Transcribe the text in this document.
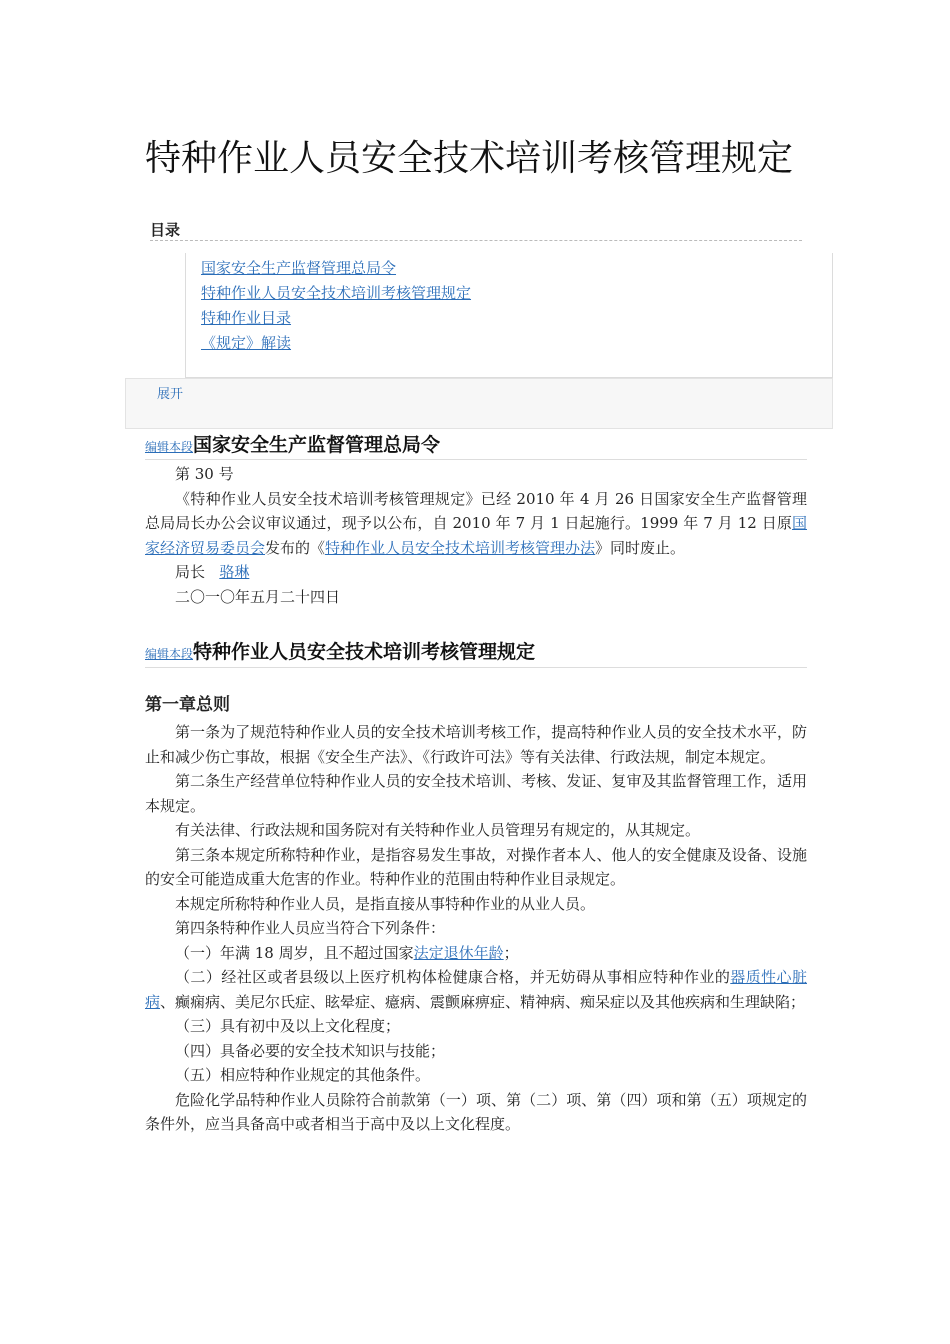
特种作业人员安全技术培训考核管理规定
目录
国家安全生产监督管理总局令
特种作业人员安全技术培训考核管理规定
特种作业目录
《规定》解读
展开
编辑本段国家安全生产监督管理总局令

第 30 号

《特种作业人员安全技术培训考核管理规定》已经 2010 年 4 月 26 日国家安全生产监督管理总局局长办公会议审议通过，现予以公布，自 2010 年 7 月 1 日起施行。1999 年 7 月 12 日原国家经济贸易委员会发布的《特种作业人员安全技术培训考核管理办法》同时废止。

局长 骆琳

二〇一〇年五月二十四日

编辑本段特种作业人员安全技术培训考核管理规定
第一章总则

第一条为了规范特种作业人员的安全技术培训考核工作，提高特种作业人员的安全技术水平，防止和减少伤亡事故，根据《安全生产法》、《行政许可法》等有关法律、行政法规，制定本规定。

第二条生产经营单位特种作业人员的安全技术培训、考核、发证、复审及其监督管理工作，适用本规定。

有关法律、行政法规和国务院对有关特种作业人员管理另有规定的，从其规定。

第三条本规定所称特种作业，是指容易发生事故，对操作者本人、他人的安全健康及设备、设施的安全可能造成重大危害的作业。特种作业的范围由特种作业目录规定。

本规定所称特种作业人员，是指直接从事特种作业的从业人员。

第四条特种作业人员应当符合下列条件：

（一）年满 18 周岁，且不超过国家法定退休年龄；

（二）经社区或者县级以上医疗机构体检健康合格，并无妨碍从事相应特种作业的器质性心脏病、癫痫病、美尼尔氏症、眩晕症、癔病、震颤麻痹症、精神病、痴呆症以及其他疾病和生理缺陷；

（三）具有初中及以上文化程度；

（四）具备必要的安全技术知识与技能；

（五）相应特种作业规定的其他条件。

危险化学品特种作业人员除符合前款第（一）项、第（二）项、第（四）项和第（五）项规定的条件外，应当具备高中或者相当于高中及以上文化程度。
